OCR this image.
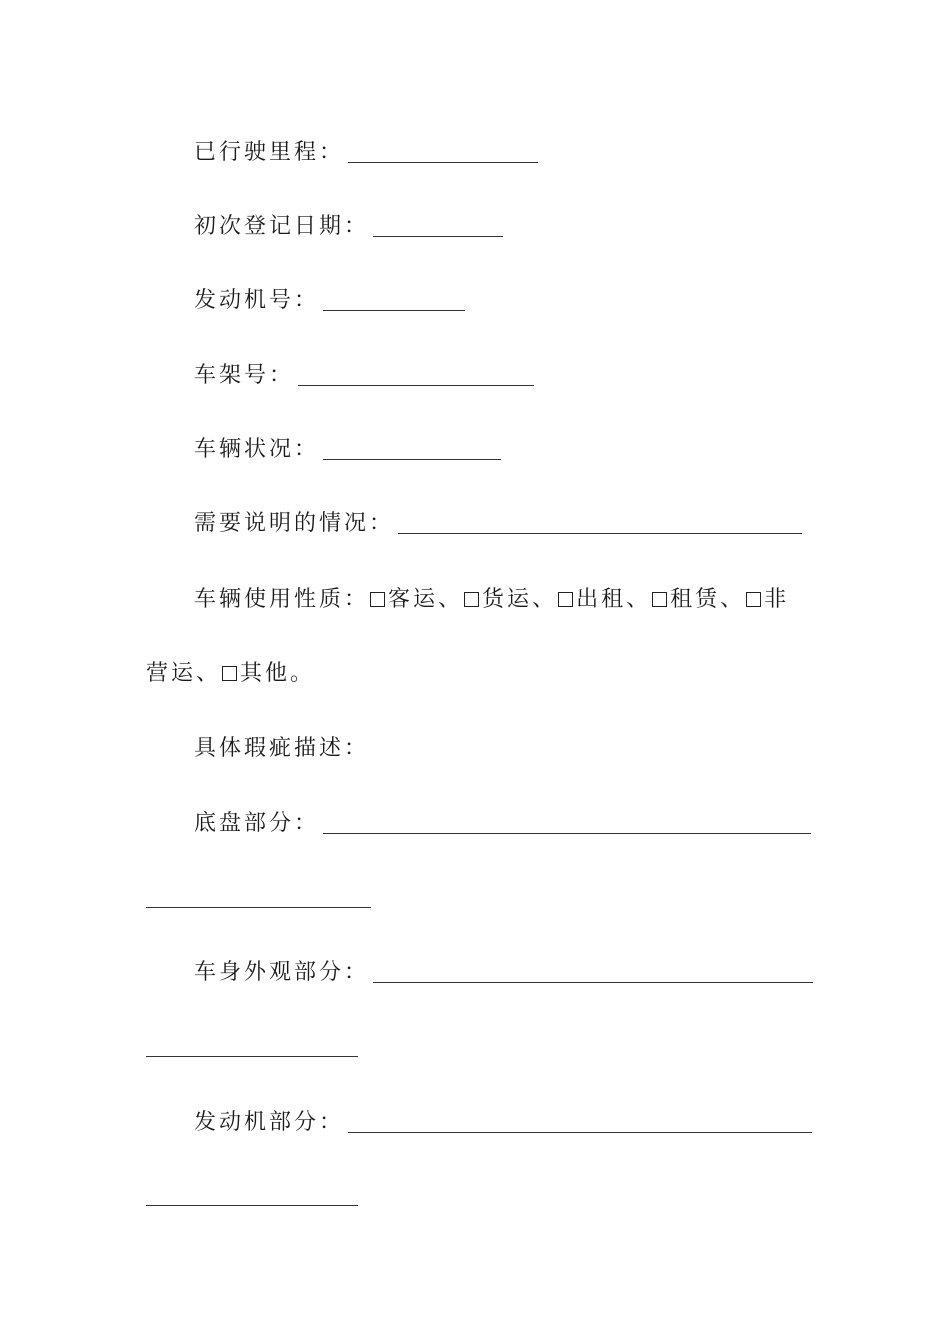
已行驶里程：
初次登记日期：
发动机号：
车架号：
车辆状况：
需要说明的情况：
车辆使用性质： 客运、 货运、 出租、 租赁、 非
营运、 其他。
具体瑕疵描述：
底盘部分：
车身外观部分：
发动机部分：
